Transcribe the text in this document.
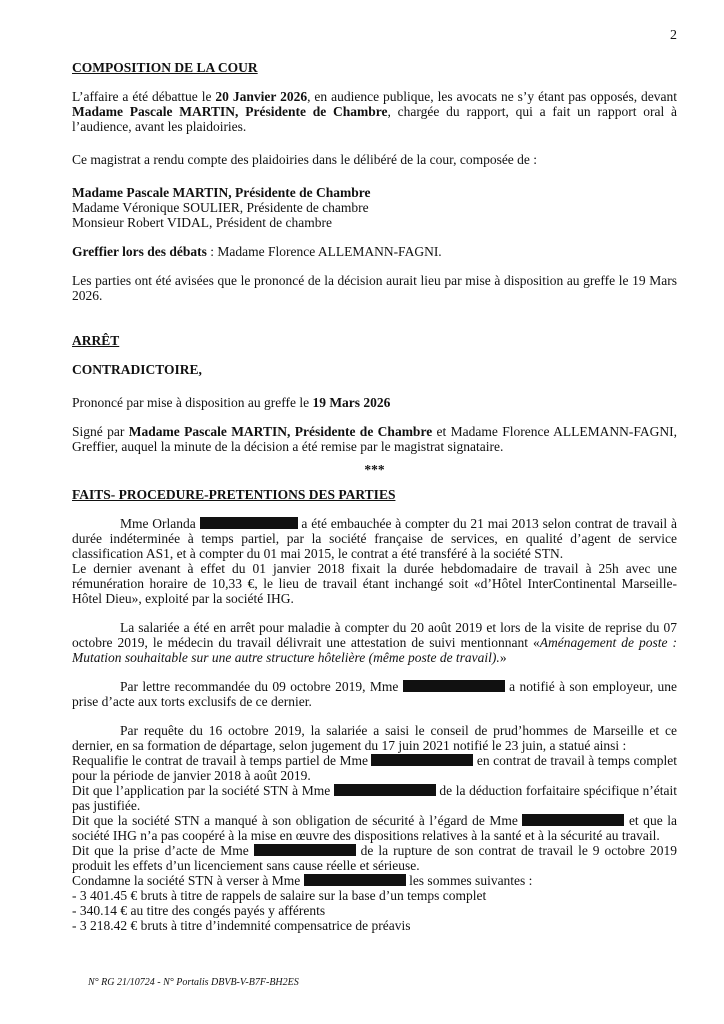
2
COMPOSITION DE LA COUR

L’affaire a été débattue le 20 Janvier 2026, en audience publique, les avocats ne s’y étant pas opposés, devant Madame Pascale MARTIN, Présidente de Chambre, chargée du rapport, qui a fait un rapport oral à l’audience, avant les plaidoiries.

Ce magistrat a rendu compte des plaidoiries dans le délibéré de la cour, composée de :

Madame Pascale MARTIN, Présidente de Chambre

Madame Véronique SOULIER, Présidente de chambre

Monsieur Robert VIDAL, Président de chambre

Greffier lors des débats : Madame Florence ALLEMANN-FAGNI.

Les parties ont été avisées que le prononcé de la décision aurait lieu par mise à disposition au greffe le 19 Mars 2026.

ARRÊT

CONTRADICTOIRE,

Prononcé par mise à disposition au greffe le 19 Mars 2026

Signé par Madame Pascale MARTIN, Présidente de Chambre et Madame Florence ALLEMANN-FAGNI, Greffier, auquel la minute de la décision a été remise par le magistrat signataire.

***

FAITS- PROCEDURE-PRETENTIONS DES PARTIES

Mme Orlanda	a été embauchée à compter du 21 mai 2013 selon contrat de travail à durée indéterminée à temps partiel, par la société française de services, en qualité d’agent de service classification AS1, et à compter du 01 mai 2015, le contrat a été transféré à la société STN.

Le dernier avenant à effet du 01 janvier 2018 fixait la durée hebdomadaire de travail à 25h avec une rémunération horaire de 10,33 €, le lieu de travail étant inchangé soit «d’Hôtel InterContinental Marseille- Hôtel Dieu», exploité par la société IHG.

La salariée a été en arrêt pour maladie à compter du 20 août 2019 et lors de la visite de reprise du 07 octobre 2019, le médecin du travail délivrait une attestation de suivi mentionnant «Aménagement de poste : Mutation souhaitable sur une autre structure hôtelière (même poste de travail).»

Par lettre recommandée du 09 octobre 2019, Mme	a notifié à son employeur, une prise d’acte aux torts exclusifs de ce dernier.

Par requête du 16 octobre 2019, la salariée a saisi le conseil de prud’hommes de Marseille et ce dernier, en sa formation de départage, selon jugement du 17 juin 2021 notifié le 23 juin, a statué ainsi :

Requalifie le contrat de travail à temps partiel de Mme	en contrat de travail à temps complet pour la période de janvier 2018 à août 2019.

Dit que l’application par la société STN à Mme	de la déduction forfaitaire spécifique n’était pas justifiée.

Dit que la société STN a manqué à son obligation de sécurité à l’égard de Mme	et que la société IHG n’a pas coopéré à la mise en œuvre des dispositions relatives à la santé et à la sécurité au travail.

Dit que la prise d’acte de Mme	de la rupture de son contrat de travail le 9 octobre 2019 produit les effets d’un licenciement sans cause réelle et sérieuse.

Condamne la société STN à verser à Mme	les sommes suivantes :

- 3 401.45 € bruts à titre de rappels de salaire sur la base d’un temps complet

- 340.14 € au titre des congés payés y afférents

- 3 218.42 € bruts à titre d’indemnité compensatrice de préavis

N° RG 21/10724 - N° Portalis DBVB-V-B7F-BH2ES
